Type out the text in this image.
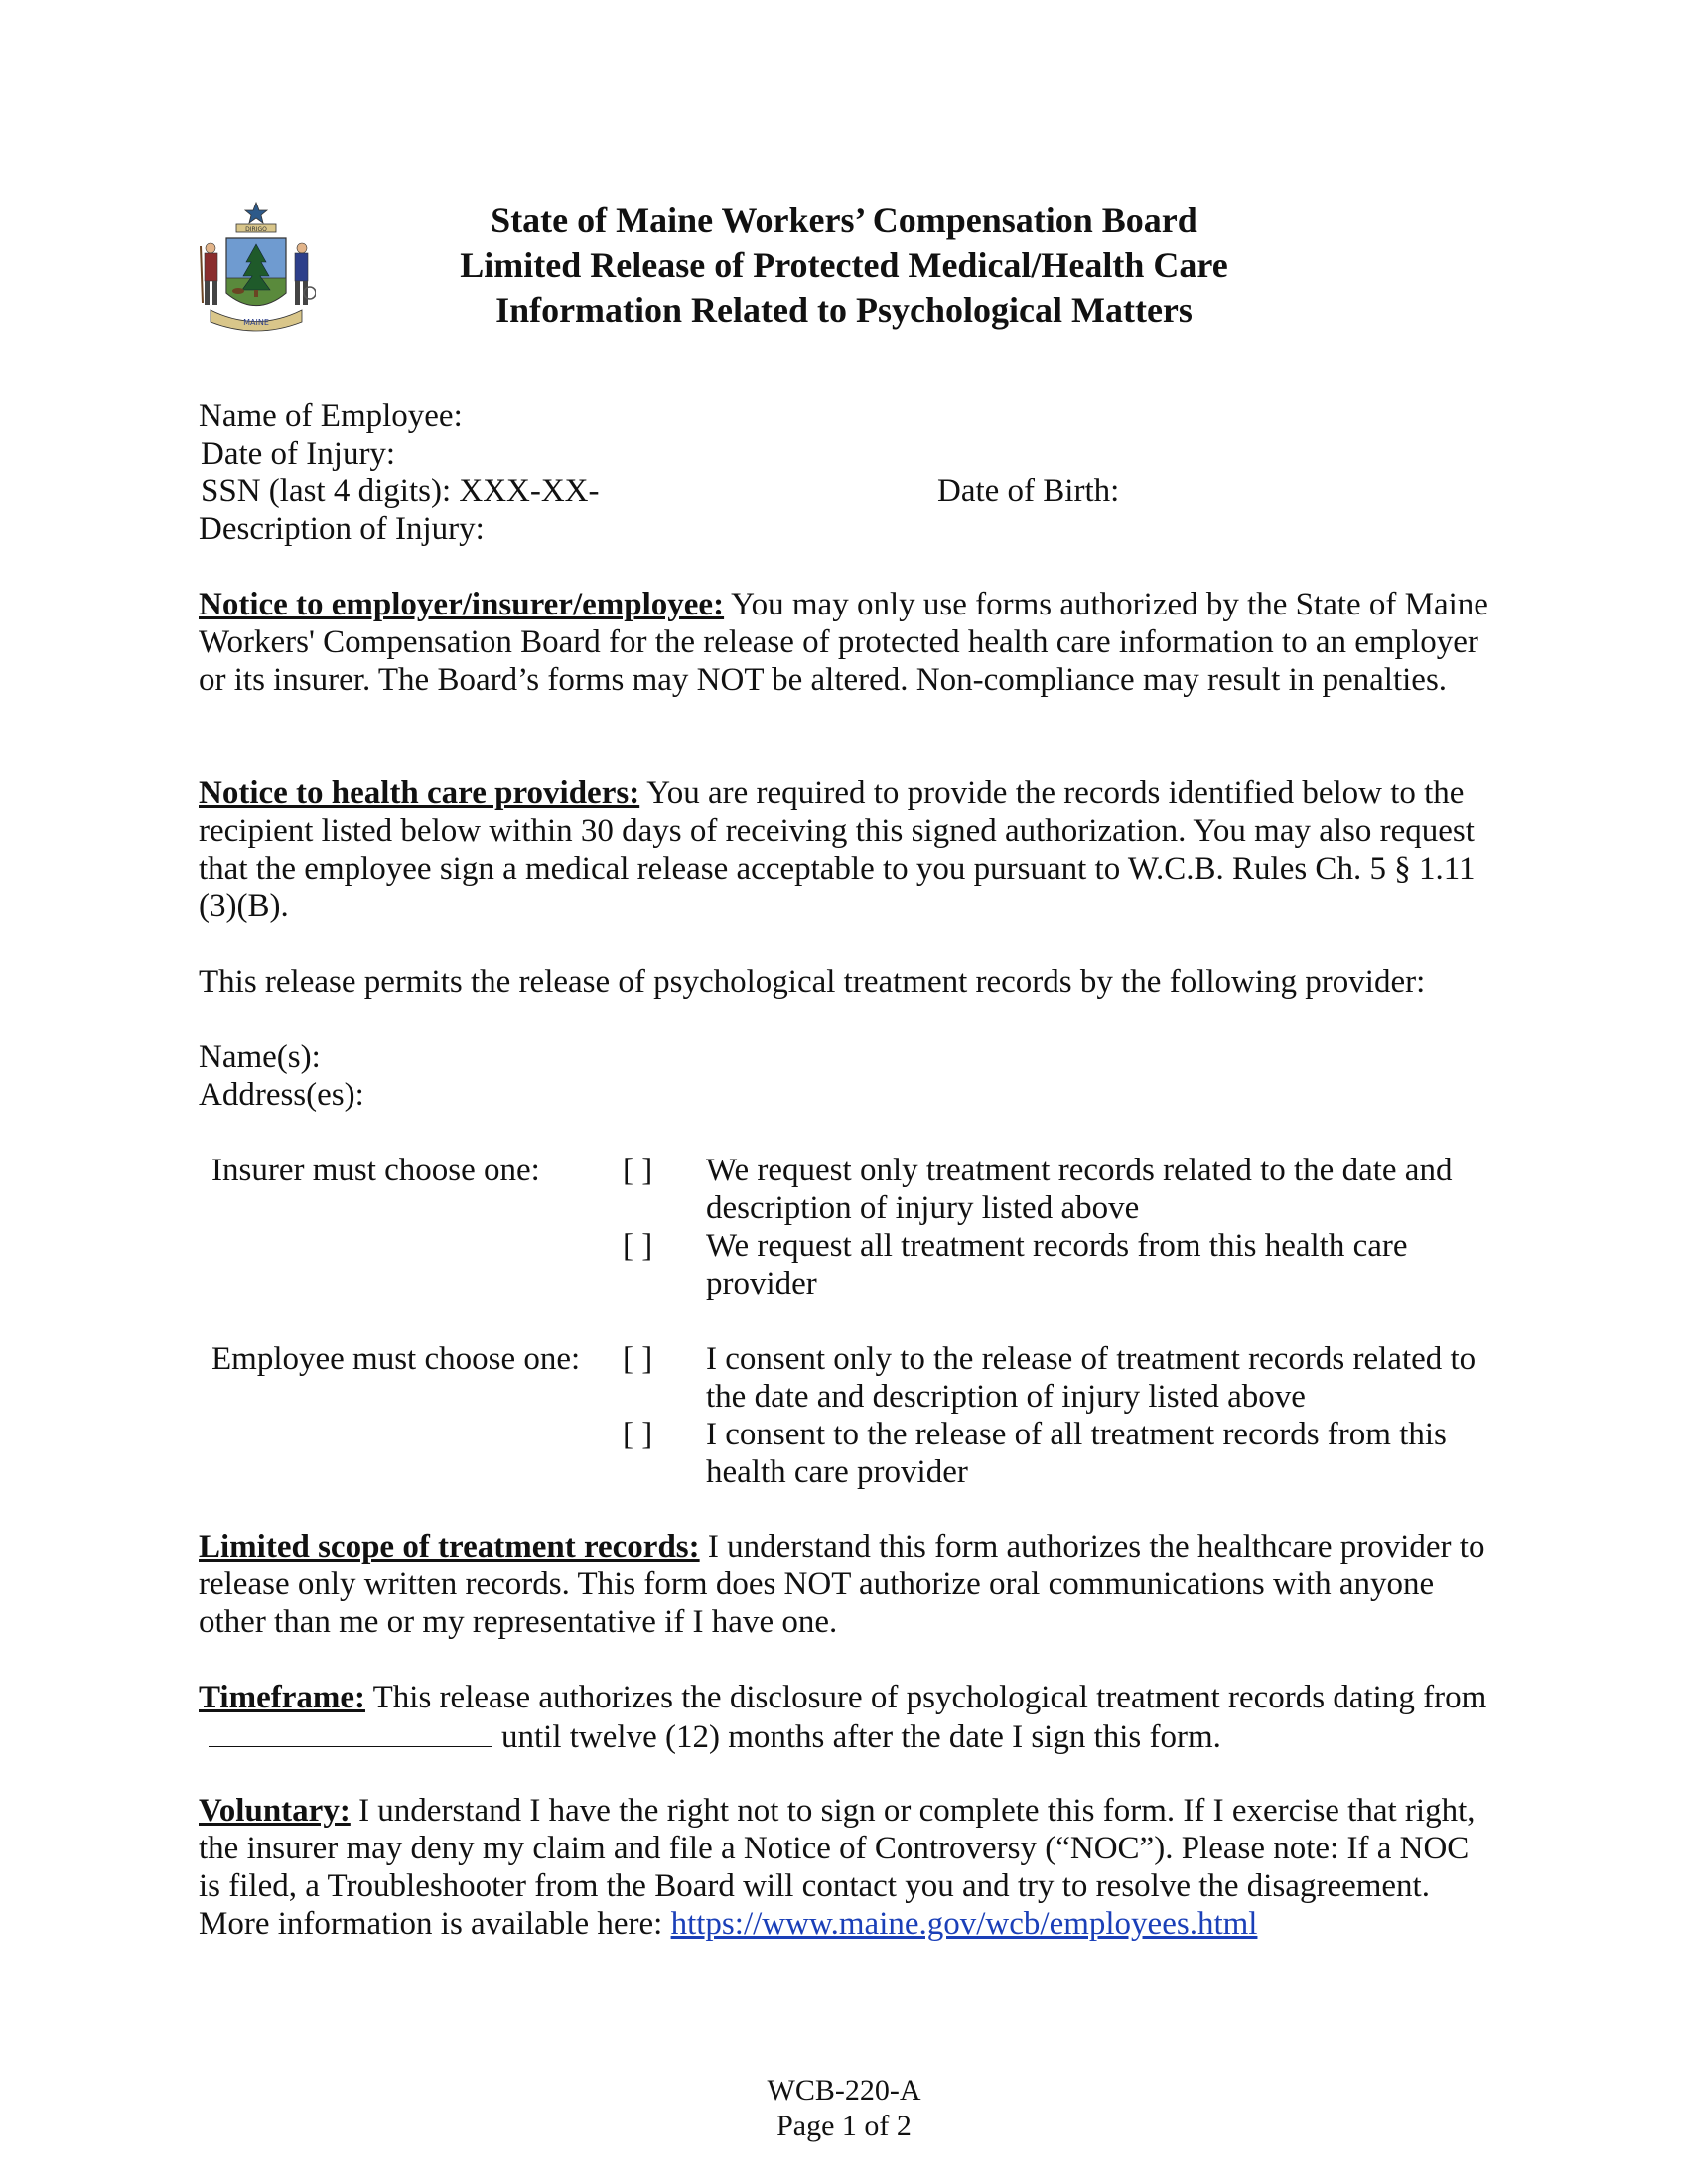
DIRIGO
MAINE
State of Maine Workers’ Compensation Board
Limited Release of Protected Medical/Health Care
Information Related to Psychological Matters
Name of Employee:
Date of Injury:
SSN (last 4 digits): XXX-XX-	Date of Birth:
Description of Injury:
Notice to employer/insurer/employee: You may only use forms authorized by the State of Maine Workers' Compensation Board for the release of protected health care information to an employer or its insurer. The Board’s forms may NOT be altered. Non-compliance may result in penalties.
Notice to health care providers: You are required to provide the records identified below to the recipient listed below within 30 days of receiving this signed authorization. You may also request that the employee sign a medical release acceptable to you pursuant to W.C.B. Rules Ch. 5 § 1.11 (3)(B).
This release permits the release of psychological treatment records by the following provider:
Name(s):
Address(es):
Insurer must choose one:	[ ] We request only treatment records related to the date and description of injury listed above
[ ] We request all treatment records from this health care provider
Employee must choose one: [ ] I consent only to the release of treatment records related to the date and description of injury listed above
[ ] I consent to the release of all treatment records from this health care provider
Limited scope of treatment records: I understand this form authorizes the healthcare provider to release only written records. This form does NOT authorize oral communications with anyone other than me or my representative if I have one.
Timeframe: This release authorizes the disclosure of psychological treatment records dating fromuntil twelve (12) months after the date I sign this form.
Voluntary: I understand I have the right not to sign or complete this form. If I exercise that right, the insurer may deny my claim and file a Notice of Controversy (“NOC”). Please note: If a NOC is filed, a Troubleshooter from the Board will contact you and try to resolve the disagreement. More information is available here: https://www.maine.gov/wcb/employees.html
WCB-220-A
Page 1 of 2
